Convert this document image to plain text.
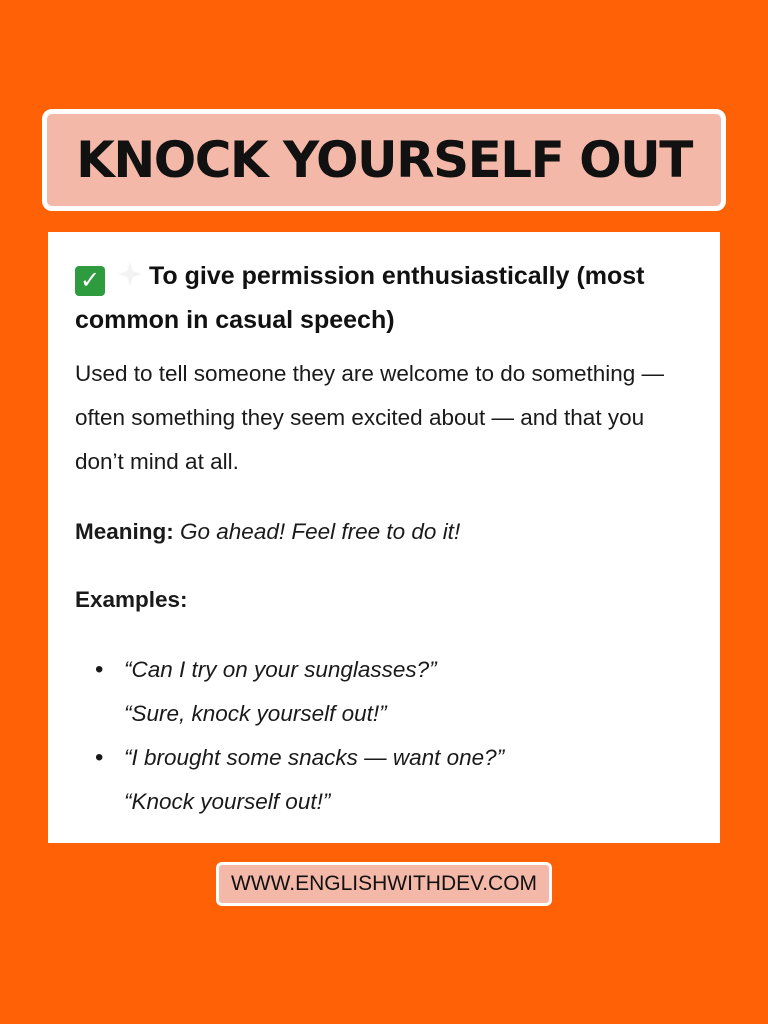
KNOCK YOURSELF OUT
✓ To give permission enthusiastically (most common in casual speech)
Used to tell someone they are welcome to do something — often something they seem excited about — and that you don’t mind at all.
Meaning: Go ahead! Feel free to do it!
Examples:
• “Can I try on your sunglasses?”
“Sure, knock yourself out!”
• “I brought some snacks — want one?”
“Knock yourself out!”
WWW.ENGLISHWITHDEV.COM
